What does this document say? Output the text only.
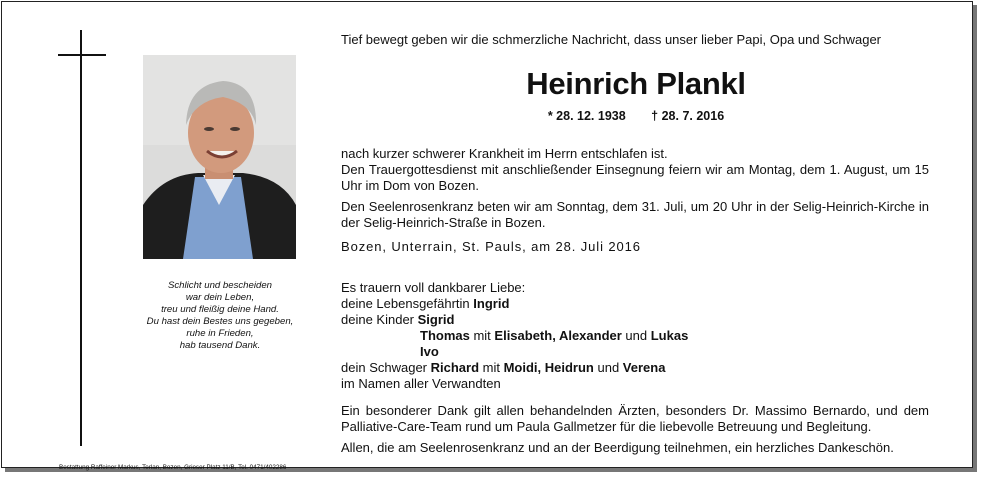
Schlicht und bescheiden
war dein Leben,
treu und fleißig deine Hand.
Du hast dein Bestes uns gegeben,
ruhe in Frieden,
hab tausend Dank.
Bestattung Raffeiner Markus, Terlan, Bozen, Grieser Platz 11/B, Tel. 0471/402286
Tief bewegt geben wir die schmerzliche Nachricht, dass unser lieber Papi, Opa und Schwager
Heinrich Plankl
* 28. 12. 1938 † 28. 7. 2016
nach kurzer schwerer Krankheit im Herrn entschlafen ist.
Den Trauergottesdienst mit anschließender Einsegnung feiern wir am Montag, dem 1. August, um 15 Uhr im Dom von Bozen.
Den Seelenrosenkranz beten wir am Sonntag, dem 31. Juli, um 20 Uhr in der Selig-Heinrich-Kirche in der Selig-Heinrich-Straße in Bozen.
Bozen, Unterrain, St. Pauls, am 28. Juli 2016
Es trauern voll dankbarer Liebe:
deine Lebensgefährtin Ingrid
deine Kinder Sigrid
Thomas mit Elisabeth, Alexander und Lukas
Ivo
dein Schwager Richard mit Moidi, Heidrun und Verena
im Namen aller Verwandten
Ein besonderer Dank gilt allen behandelnden Ärzten, besonders Dr. Massimo Bernardo, und dem Palliative-Care-Team rund um Paula Gallmetzer für die liebevolle Betreuung und Begleitung.
Allen, die am Seelenrosenkranz und an der Beerdigung teilnehmen, ein herzliches Dankeschön.
